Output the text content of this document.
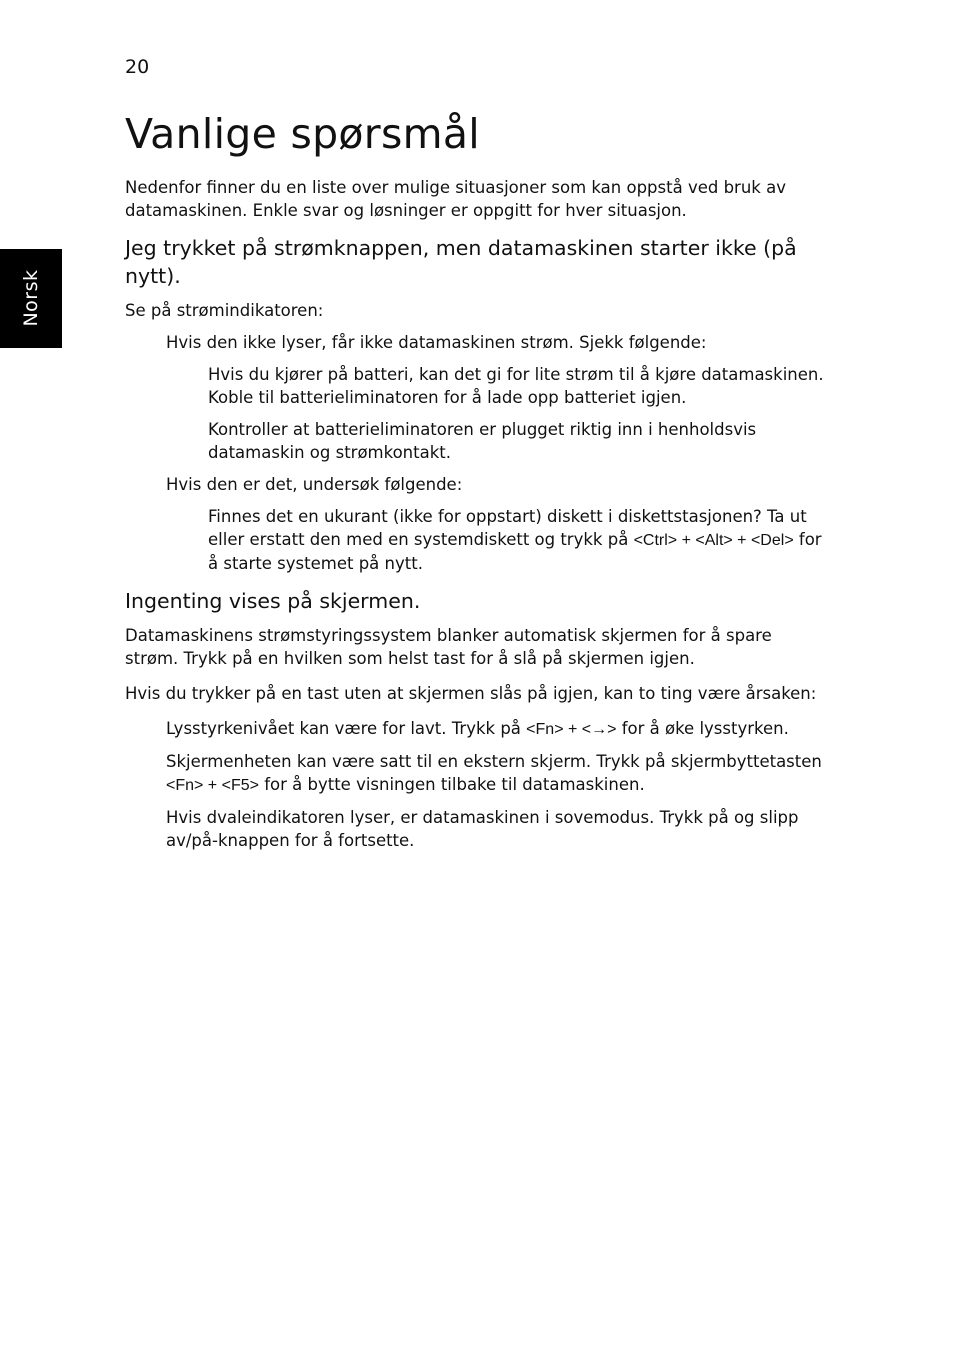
Norsk
20
Vanlige spørsmål

Nedenfor finner du en liste over mulige situasjoner som kan oppstå ved bruk av datamaskinen. Enkle svar og løsninger er oppgitt for hver situasjon.

Jeg trykket på strømknappen, men datamaskinen starter ikke (på nytt).

Se på strømindikatoren:

Hvis den ikke lyser, får ikke datamaskinen strøm. Sjekk følgende:

Hvis du kjører på batteri, kan det gi for lite strøm til å kjøre datamaskinen. Koble til batterieliminatoren for å lade opp batteriet igjen.

Kontroller at batterieliminatoren er plugget riktig inn i henholdsvis datamaskin og strømkontakt.

Hvis den er det, undersøk følgende:

Finnes det en ukurant (ikke for oppstart) diskett i diskettstasjonen? Ta ut eller erstatt den med en systemdiskett og trykk på <Ctrl> + <Alt> + <Del> for å starte systemet på nytt.

Ingenting vises på skjermen.

Datamaskinens strømstyringssystem blanker automatisk skjermen for å spare strøm. Trykk på en hvilken som helst tast for å slå på skjermen igjen.

Hvis du trykker på en tast uten at skjermen slås på igjen, kan to ting være årsaken:

Lysstyrkenivået kan være for lavt. Trykk på <Fn> + <→> for å øke lysstyrken.

Skjermenheten kan være satt til en ekstern skjerm. Trykk på skjermbyttetasten <Fn> + <F5> for å bytte visningen tilbake til datamaskinen.

Hvis dvaleindikatoren lyser, er datamaskinen i sovemodus. Trykk på og slipp av/på-knappen for å fortsette.
